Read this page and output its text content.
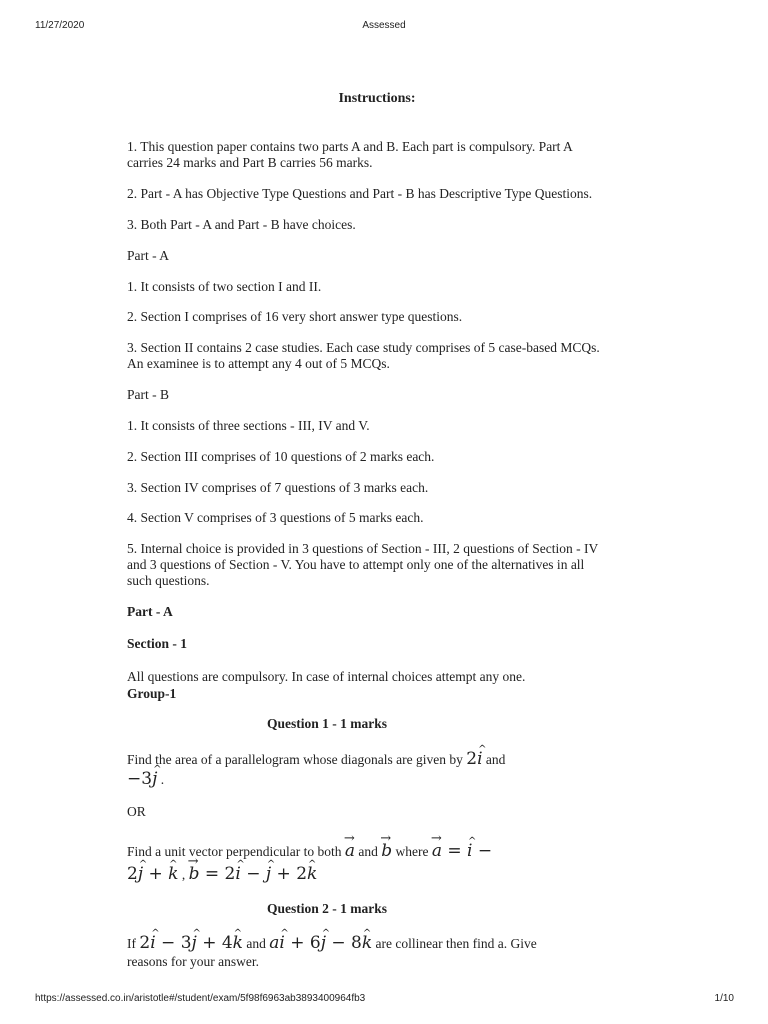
11/27/2020	Assessed
Instructions:
1. This question paper contains two parts A and B. Each part is compulsory. Part A carries 24 marks and Part B carries 56 marks.
2. Part - A has Objective Type Questions and Part - B has Descriptive Type Questions.
3. Both Part - A and Part - B have choices.
Part - A
1. It consists of two section I and II.
2. Section I comprises of 16 very short answer type questions.
3. Section II contains 2 case studies. Each case study comprises of 5 case-based MCQs. An examinee is to attempt any 4 out of 5 MCQs.
Part - B
1. It consists of three sections - III, IV and V.
2. Section III comprises of 10 questions of 2 marks each.
3. Section IV comprises of 7 questions of 3 marks each.
4. Section V comprises of 3 questions of 5 marks each.
5. Internal choice is provided in 3 questions of Section - III, 2 questions of Section - IV and 3 questions of Section - V. You have to attempt only one of the alternatives in all such questions.
Part - A
Section - 1
All questions are compulsory. In case of internal choices attempt any one.
Group-1
Question 1 - 1 marks
Find the area of a parallelogram whose diagonals are given by 2^ i and
−3^ j .
OR
Find a unit vector perpendicular to both → a and → b where → a = ^ i −
2^ j + ^ k , → b = 2^ i − ^ j + 2^ k
Question 2 - 1 marks
If 2^ i − 3^ j + 4^ k and a^ i + 6^ j − 8^ k are collinear then find a. Give
reasons for your answer.
https://assessed.co.in/aristotle#/student/exam/5f98f6963ab3893400964fb3	1/10
